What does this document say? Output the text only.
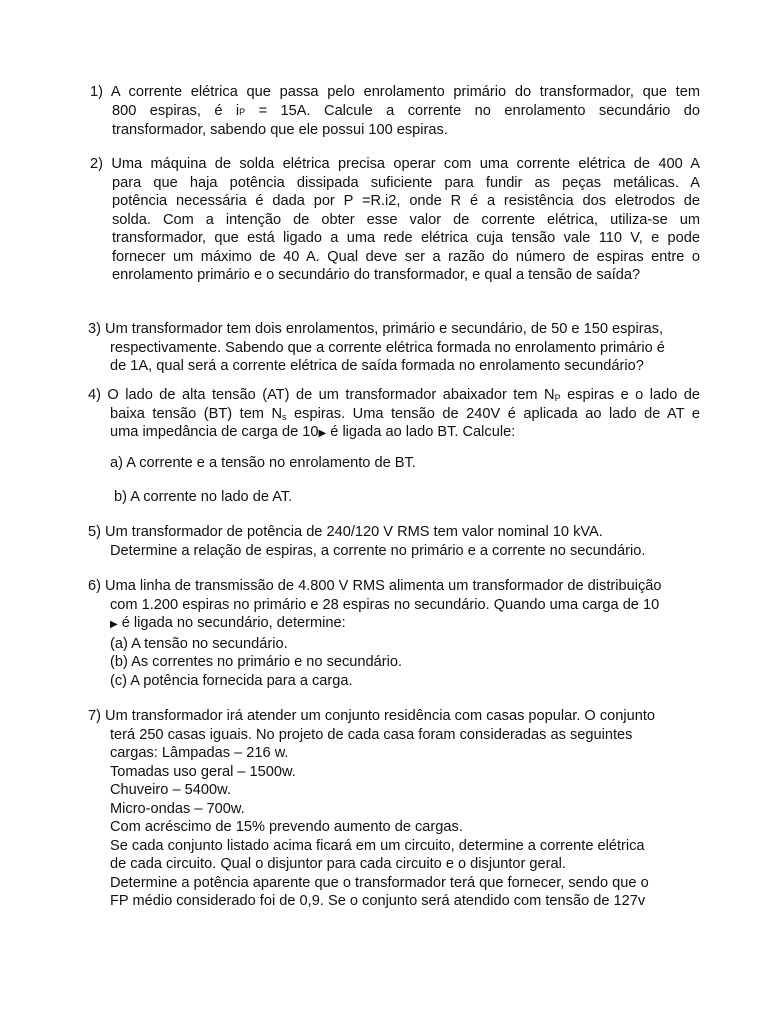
1) A corrente elétrica que passa pelo enrolamento primário do transformador, que tem

800 espiras, é iP = 15A. Calcule a corrente no enrolamento secundário do

transformador, sabendo que ele possui 100 espiras.

2) Uma máquina de solda elétrica precisa operar com uma corrente elétrica de 400 A

para que haja potência dissipada suficiente para fundir as peças metálicas. A

potência necessária é dada por P =R.i2, onde R é a resistência dos eletrodos de

solda. Com a intenção de obter esse valor de corrente elétrica, utiliza-se um

transformador, que está ligado a uma rede elétrica cuja tensão vale 110 V, e pode

fornecer um máximo de 40 A. Qual deve ser a razão do número de espiras entre o

enrolamento primário e o secundário do transformador, e qual a tensão de saída?

3) Um transformador tem dois enrolamentos, primário e secundário, de 50 e 150 espiras,

respectivamente. Sabendo que a corrente elétrica formada no enrolamento primário é

de 1A, qual será a corrente elétrica de saída formada no enrolamento secundário?

4) O lado de alta tensão (AT) de um transformador abaixador tem $N_P$ espiras e o lado de

baixa tensão (BT) tem $N_s$ espiras. Uma tensão de 240V é aplicada ao lado de AT e

uma impedância de carga de 10▶ é ligada ao lado BT. Calcule:

a) A corrente e a tensão no enrolamento de BT.
b) A corrente no lado de AT.

5) Um transformador de potência de 240/120 V RMS tem valor nominal 10 kVA.

Determine a relação de espiras, a corrente no primário e a corrente no secundário.

6) Uma linha de transmissão de 4.800 V RMS alimenta um transformador de distribuição

com 1.200 espiras no primário e 28 espiras no secundário. Quando uma carga de 10

▶ é ligada no secundário, determine:

(a) A tensão no secundário.

(b) As correntes no primário e no secundário.

(c) A potência fornecida para a carga.

7) Um transformador irá atender um conjunto residência com casas popular. O conjunto

terá 250 casas iguais. No projeto de cada casa foram consideradas as seguintes

cargas: Lâmpadas – 216 w.

Tomadas uso geral – 1500w.

Chuveiro – 5400w.

Micro-ondas – 700w.

Com acréscimo de 15% prevendo aumento de cargas.

Se cada conjunto listado acima ficará em um circuito, determine a corrente elétrica

de cada circuito. Qual o disjuntor para cada circuito e o disjuntor geral.

Determine a potência aparente que o transformador terá que fornecer, sendo que o

FP médio considerado foi de 0,9. Se o conjunto será atendido com tensão de 127v
